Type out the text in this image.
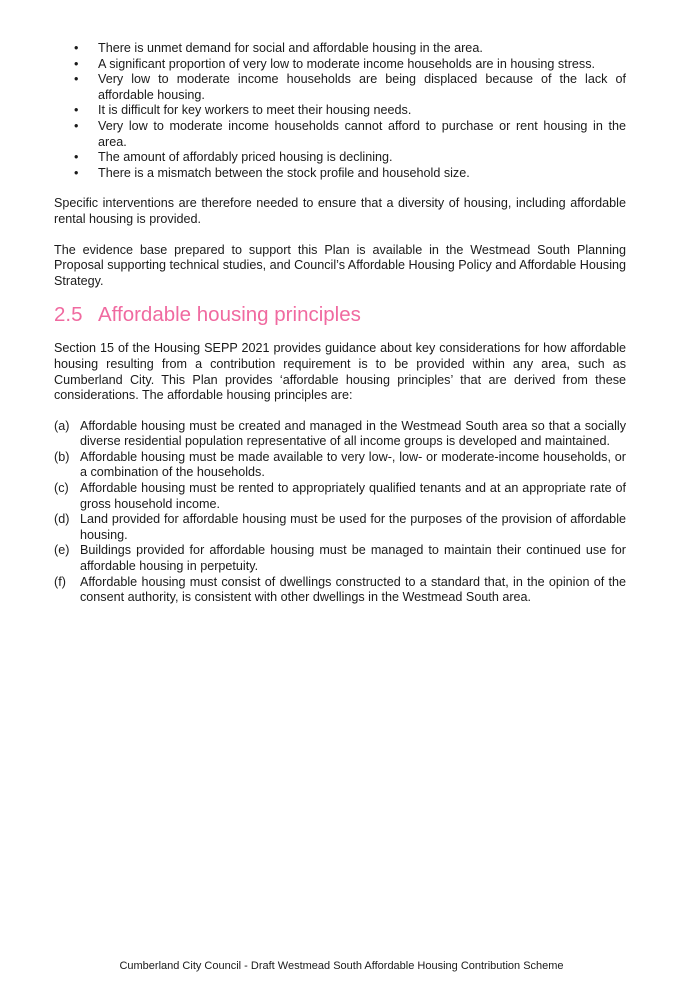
• There is unmet demand for social and affordable housing in the area.
• A significant proportion of very low to moderate income households are in housing stress.
• Very low to moderate income households are being displaced because of the lack of affordable housing.
• It is difficult for key workers to meet their housing needs.
• Very low to moderate income households cannot afford to purchase or rent housing in the area.
• The amount of affordably priced housing is declining.
• There is a mismatch between the stock profile and household size.

Specific interventions are therefore needed to ensure that a diversity of housing, including affordable rental housing is provided.

The evidence base prepared to support this Plan is available in the Westmead South Planning Proposal supporting technical studies, and Council’s Affordable Housing Policy and Affordable Housing Strategy.

2.5 Affordable housing principles

Section 15 of the Housing SEPP 2021 provides guidance about key considerations for how affordable housing resulting from a contribution requirement is to be provided within any area, such as Cumberland City. This Plan provides ‘affordable housing principles’ that are derived from these considerations. The affordable housing principles are:

(a) Affordable housing must be created and managed in the Westmead South area so that a socially diverse residential population representative of all income groups is developed and maintained.
(b) Affordable housing must be made available to very low-, low- or moderate-income households, or a combination of the households.
(c) Affordable housing must be rented to appropriately qualified tenants and at an appropriate rate of gross household income.
(d) Land provided for affordable housing must be used for the purposes of the provision of affordable housing.
(e) Buildings provided for affordable housing must be managed to maintain their continued use for affordable housing in perpetuity.
(f) Affordable housing must consist of dwellings constructed to a standard that, in the opinion of the consent authority, is consistent with other dwellings in the Westmead South area.
Cumberland City Council - Draft Westmead South Affordable Housing Contribution Scheme
